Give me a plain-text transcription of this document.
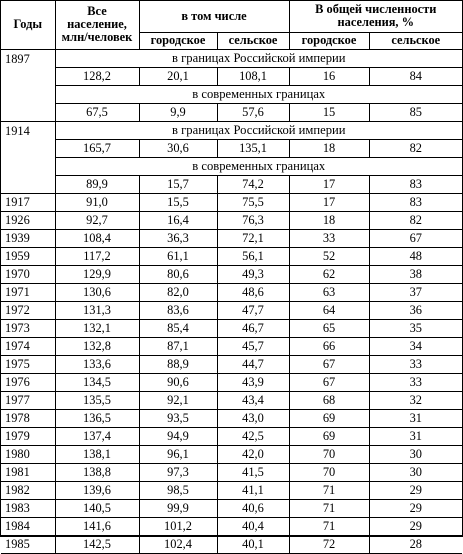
Годы	Все население, млн/человек	в том числе		В общей численности населения, %	
		городское	сельское	городское	сельское
1897	в границах Российской империи				
	128,2	20,1	108,1	16	84
	в современных границах				
	67,5	9,9	57,6	15	85
1914	в границах Российской империи				
	165,7	30,6	135,1	18	82
	в современных границах				
	89,9	15,7	74,2	17	83
1917	91,0	15,5	75,5	17	83
1926	92,7	16,4	76,3	18	82
1939	108,4	36,3	72,1	33	67
1959	117,2	61,1	56,1	52	48
1970	129,9	80,6	49,3	62	38
1971	130,6	82,0	48,6	63	37
1972	131,3	83,6	47,7	64	36
1973	132,1	85,4	46,7	65	35
1974	132,8	87,1	45,7	66	34
1975	133,6	88,9	44,7	67	33
1976	134,5	90,6	43,9	67	33
1977	135,5	92,1	43,4	68	32
1978	136,5	93,5	43,0	69	31
1979	137,4	94,9	42,5	69	31
1980	138,1	96,1	42,0	70	30
1981	138,8	97,3	41,5	70	30
1982	139,6	98,5	41,1	71	29
1983	140,5	99,9	40,6	71	29
1984	141,6	101,2	40,4	71	29
1985	142,5	102,4	40,1	72	28
